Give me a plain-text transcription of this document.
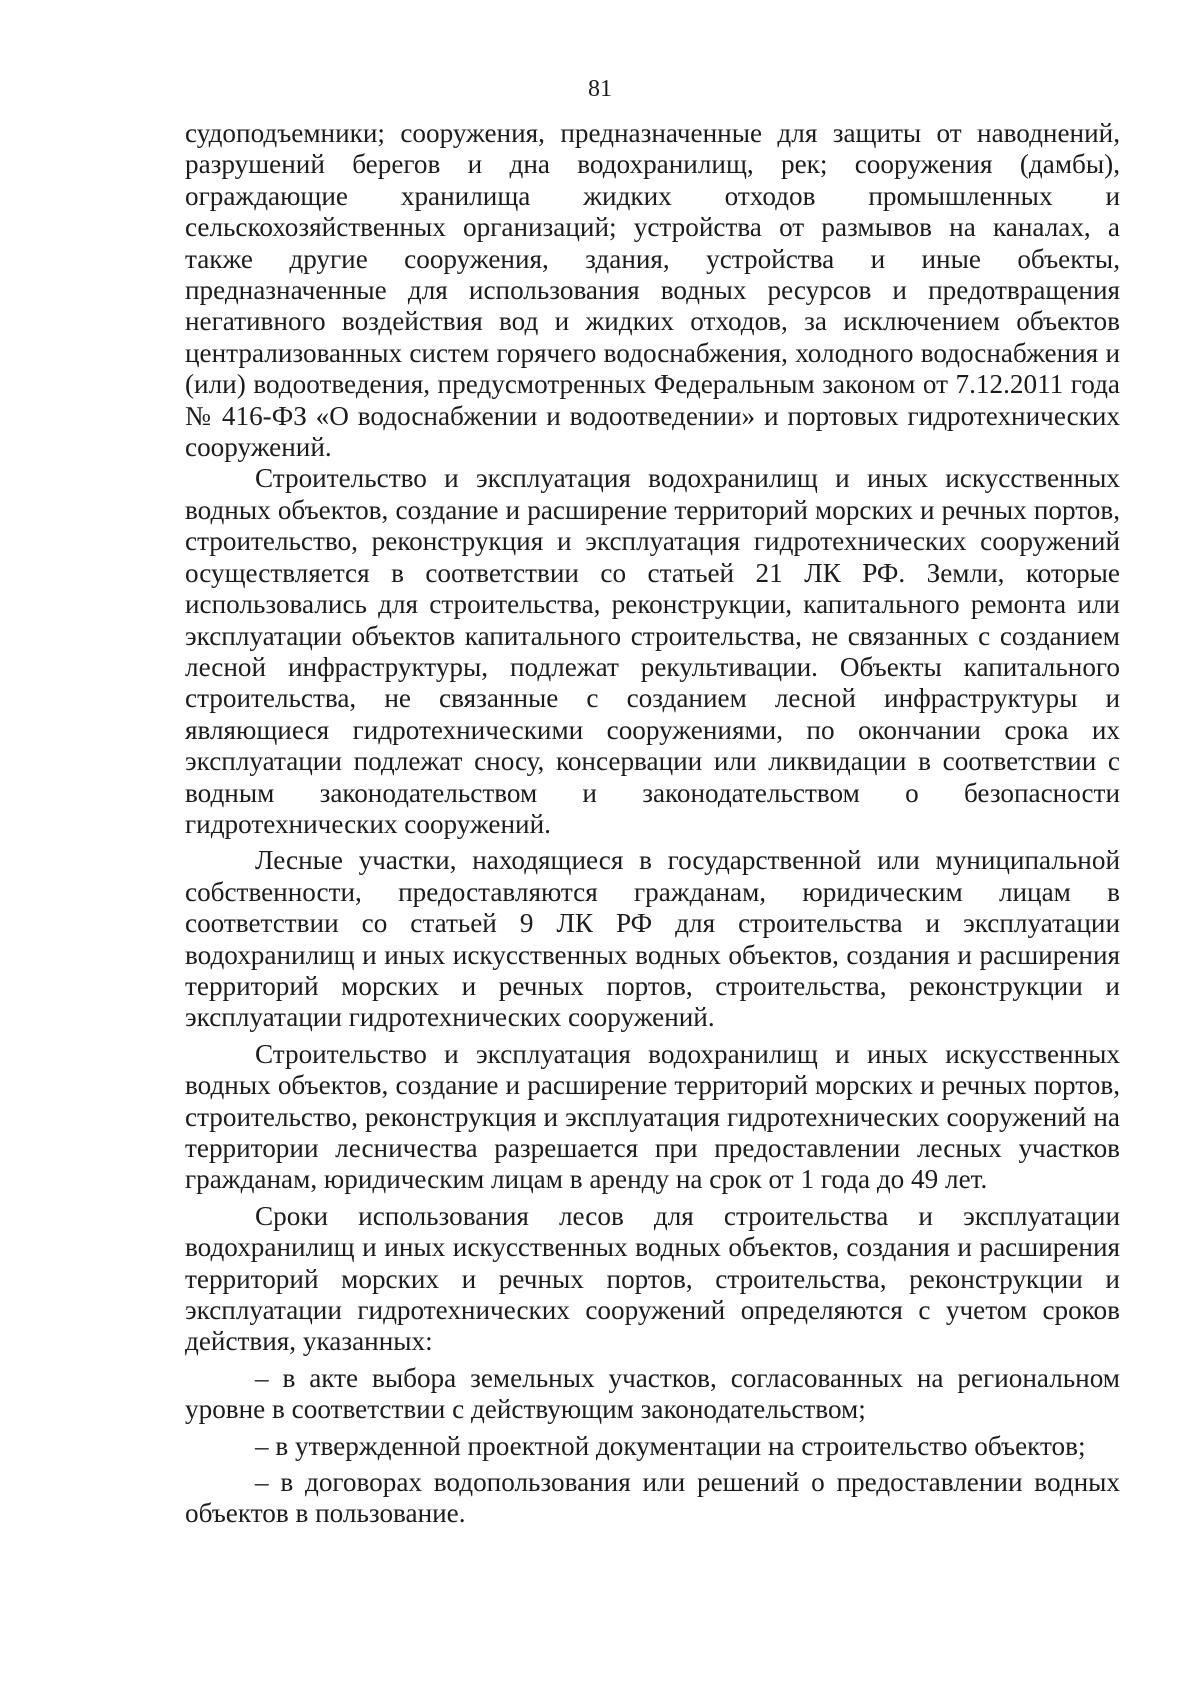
81

судоподъемники; сооружения, предназначенные для защиты от наводнений, разрушений берегов и дна водохранилищ, рек; сооружения (дамбы), ограждающие хранилища жидких отходов промышленных и сельскохозяйственных организаций; устройства от размывов на каналах, а также другие сооружения, здания, устройства и иные объекты, предназначенные для использования водных ресурсов и предотвращения негативного воздействия вод и жидких отходов, за исключением объектов централизованных систем горячего водоснабжения, холодного водоснабжения и (или) водоотведения, предусмотренных Федеральным законом от 7.12.2011 года № 416-ФЗ «О водоснабжении и водоотведении» и портовых гидротехнических сооружений.

Строительство и эксплуатация водохранилищ и иных искусственных водных объектов, создание и расширение территорий морских и речных портов, строительство, реконструкция и эксплуатация гидротехнических сооружений осуществляется в соответствии со статьей 21 ЛК РФ. Земли, которые использовались для строительства, реконструкции, капитального ремонта или эксплуатации объектов капитального строительства, не связанных с созданием лесной инфраструктуры, подлежат рекультивации. Объекты капитального строительства, не связанные с созданием лесной инфраструктуры и являющиеся гидротехническими сооружениями, по окончании срока их эксплуатации подлежат сносу, консервации или ликвидации в соответствии с водным законодательством и законодательством о безопасности гидротехнических сооружений.

Лесные участки, находящиеся в государственной или муниципальной собственности, предоставляются гражданам, юридическим лицам в соответствии со статьей 9 ЛК РФ для строительства и эксплуатации водохранилищ и иных искусственных водных объектов, создания и расширения территорий морских и речных портов, строительства, реконструкции и эксплуатации гидротехнических сооружений.

Строительство и эксплуатация водохранилищ и иных искусственных водных объектов, создание и расширение территорий морских и речных портов, строительство, реконструкция и эксплуатация гидротехнических сооружений на территории лесничества разрешается при предоставлении лесных участков гражданам, юридическим лицам в аренду на срок от 1 года до 49 лет.

Сроки использования лесов для строительства и эксплуатации водохранилищ и иных искусственных водных объектов, создания и расширения территорий морских и речных портов, строительства, реконструкции и эксплуатации гидротехнических сооружений определяются с учетом сроков действия, указанных:

– в акте выбора земельных участков, согласованных на региональном уровне в соответствии с действующим законодательством;

– в утвержденной проектной документации на строительство объектов;

– в договорах водопользования или решений о предоставлении водных объектов в пользование.
